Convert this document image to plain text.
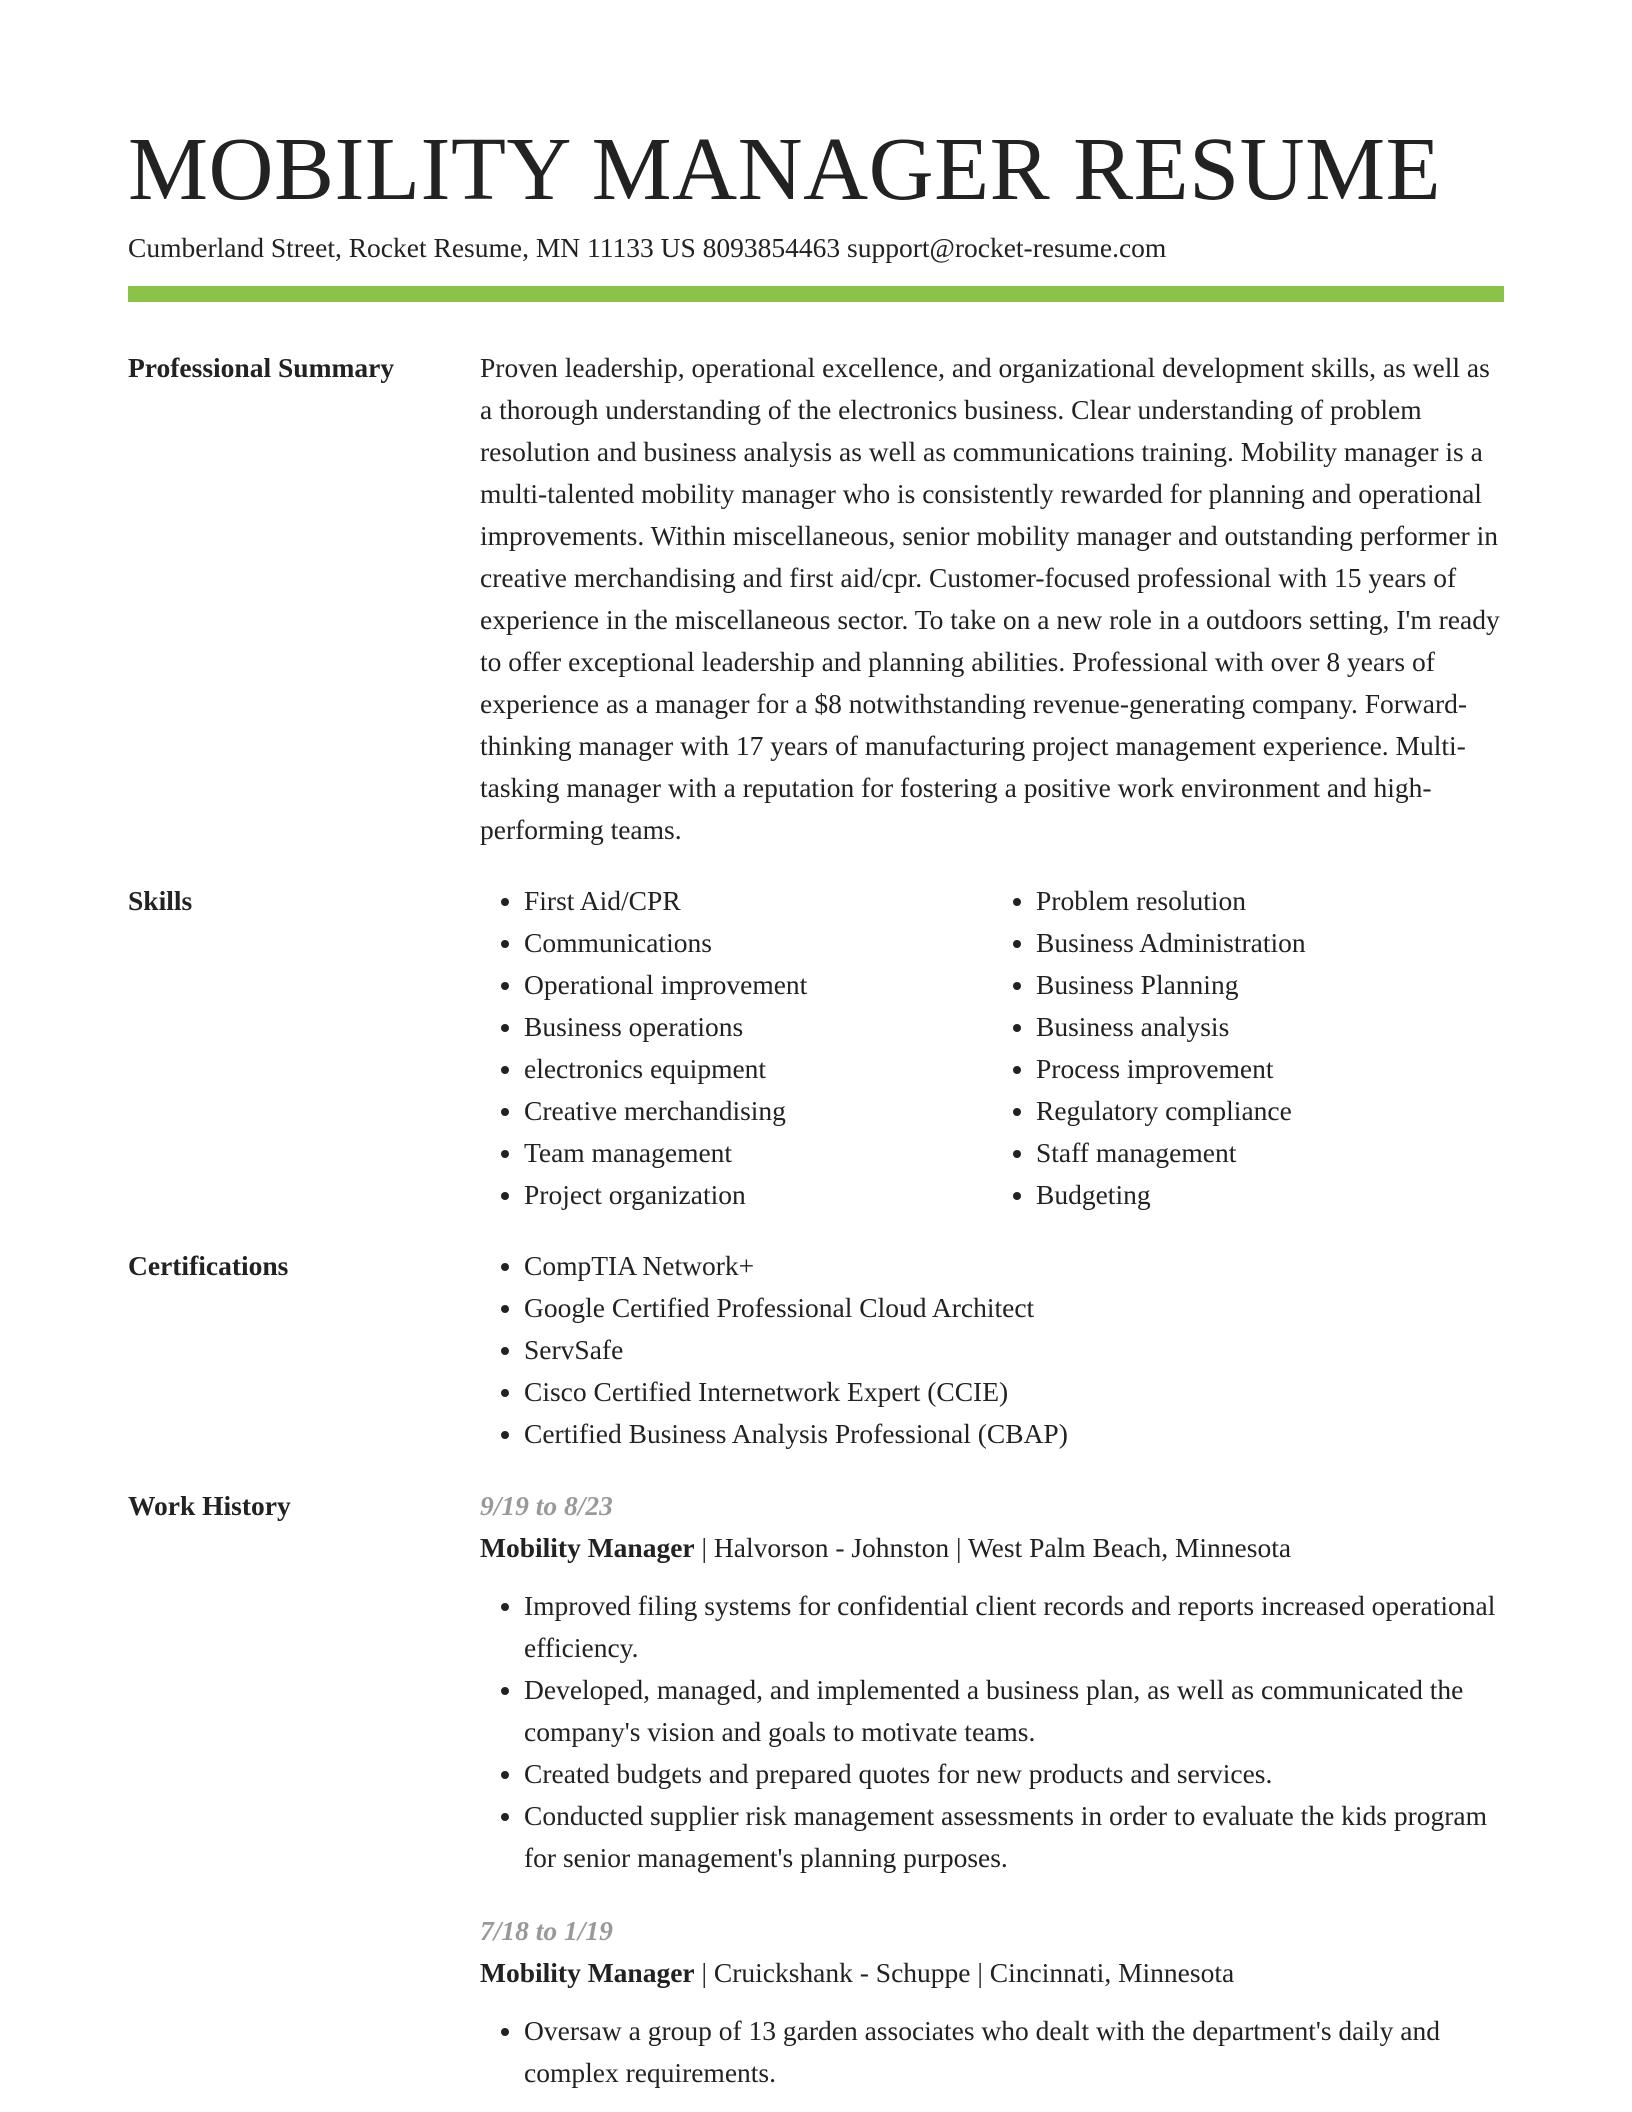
MOBILITY MANAGER RESUME
Cumberland Street, Rocket Resume, MN 11133 US 8093854463 support@rocket-resume.com
Professional Summary	Proven leadership, operational excellence, and organizational development skills, as well as a thorough understanding of the electronics business. Clear understanding of problem resolution and business analysis as well as communications training. Mobility manager is a multi-talented mobility manager who is consistently rewarded for planning and operational improvements. Within miscellaneous, senior mobility manager and outstanding performer in creative merchandising and first aid/cpr. Customer-focused professional with 15 years of experience in the miscellaneous sector. To take on a new role in a outdoors setting, I'm ready to offer exceptional leadership and planning abilities. Professional with over 8 years of experience as a manager for a $8 notwithstanding revenue-generating company. Forward-thinking manager with 17 years of manufacturing project management experience. Multi-tasking manager with a reputation for fostering a positive work environment and high-performing teams.

Skills	• First Aid/CPR
• Communications
• Operational improvement
• Business operations
• electronics equipment
• Creative merchandising
• Team management
• Project organization
• Problem resolution
• Business Administration
• Business Planning
• Business analysis
• Process improvement
• Regulatory compliance
• Staff management
• Budgeting
Certifications	• CompTIA Network+
• Google Certified Professional Cloud Architect
• ServSafe
• Cisco Certified Internetwork Expert (CCIE)
• Certified Business Analysis Professional (CBAP)
Work History	9/19 to 8/23
Mobility Manager | Halvorson - Johnston | West Palm Beach, Minnesota
• Improved filing systems for confidential client records and reports increased operational efficiency.
• Developed, managed, and implemented a business plan, as well as communicated the company's vision and goals to motivate teams.
• Created budgets and prepared quotes for new products and services.
• Conducted supplier risk management assessments in order to evaluate the kids program for senior management's planning purposes.
7/18 to 1/19
Mobility Manager | Cruickshank - Schuppe | Cincinnati, Minnesota
• Oversaw a group of 13 garden associates who dealt with the department's daily and complex requirements.
